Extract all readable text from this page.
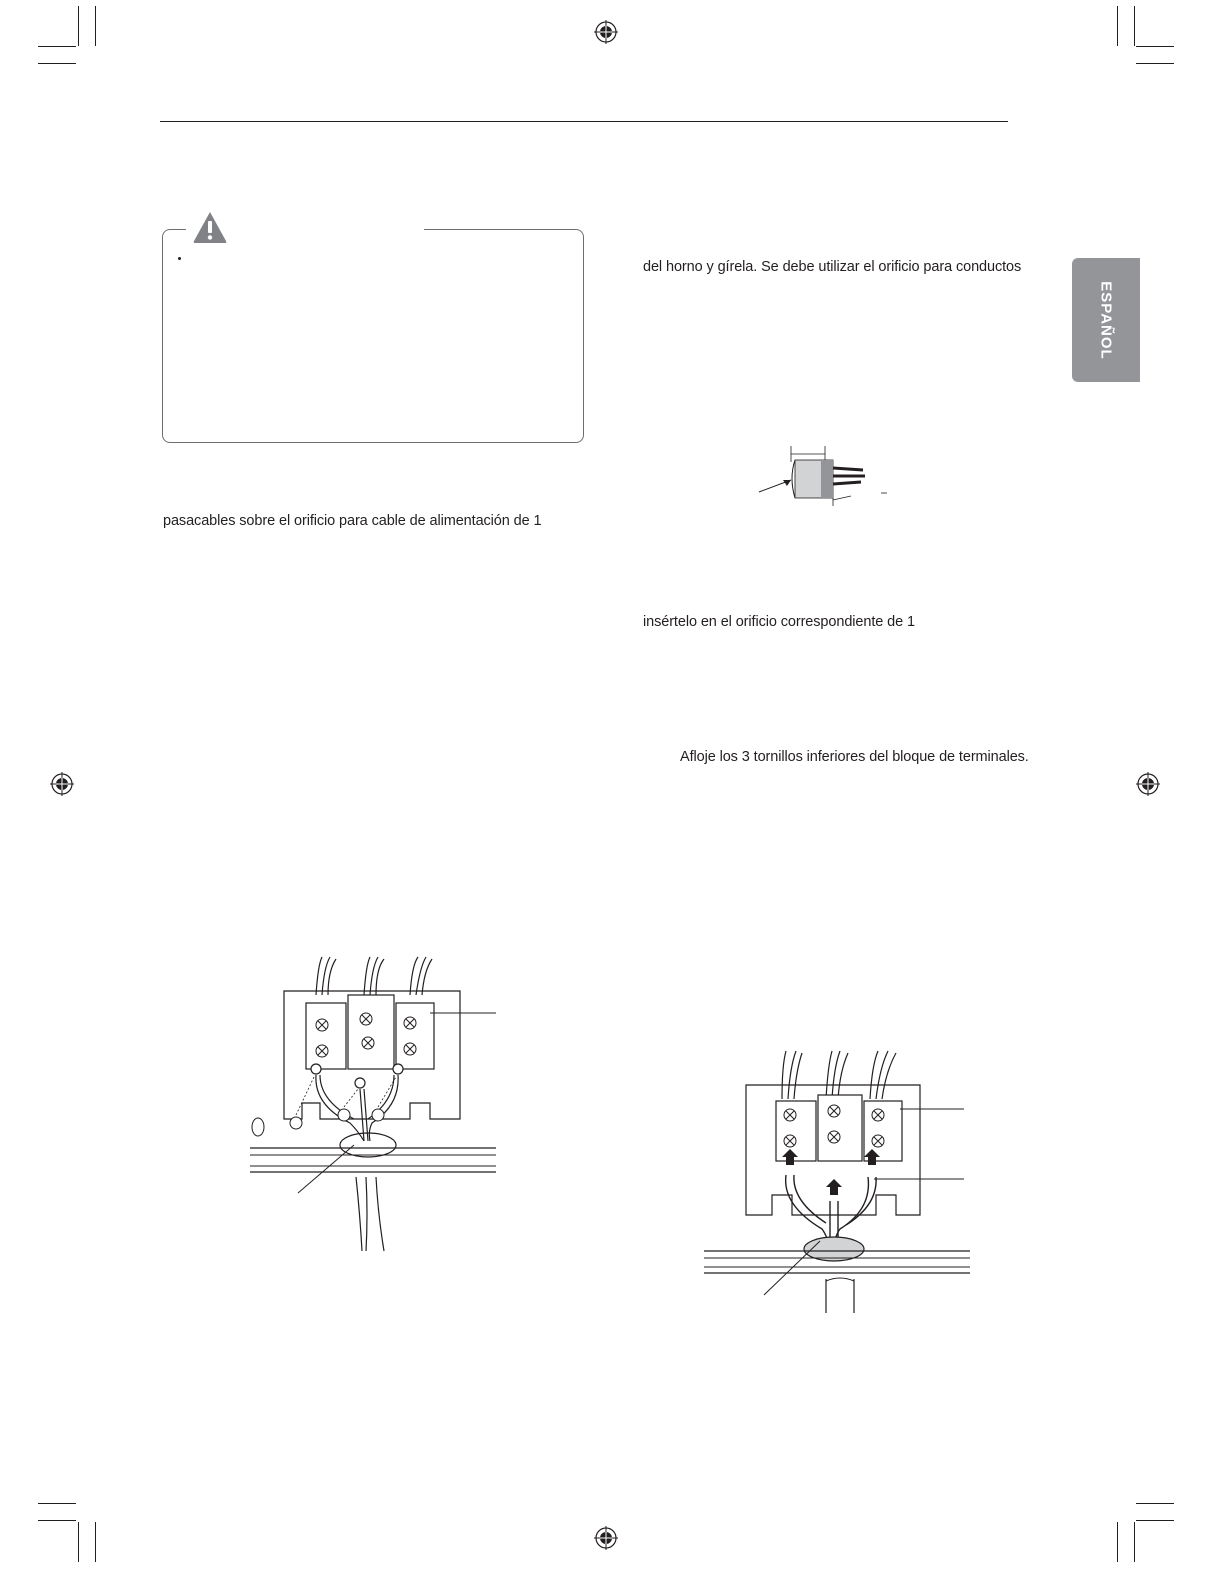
ESPAÑOL
pasacables sobre el orificio para cable de alimentación de 1
del horno y gírela. Se debe utilizar el orificio para conductos
insértelo en el orificio correspondiente de 1
Afloje los 3 tornillos inferiores del bloque de terminales.
